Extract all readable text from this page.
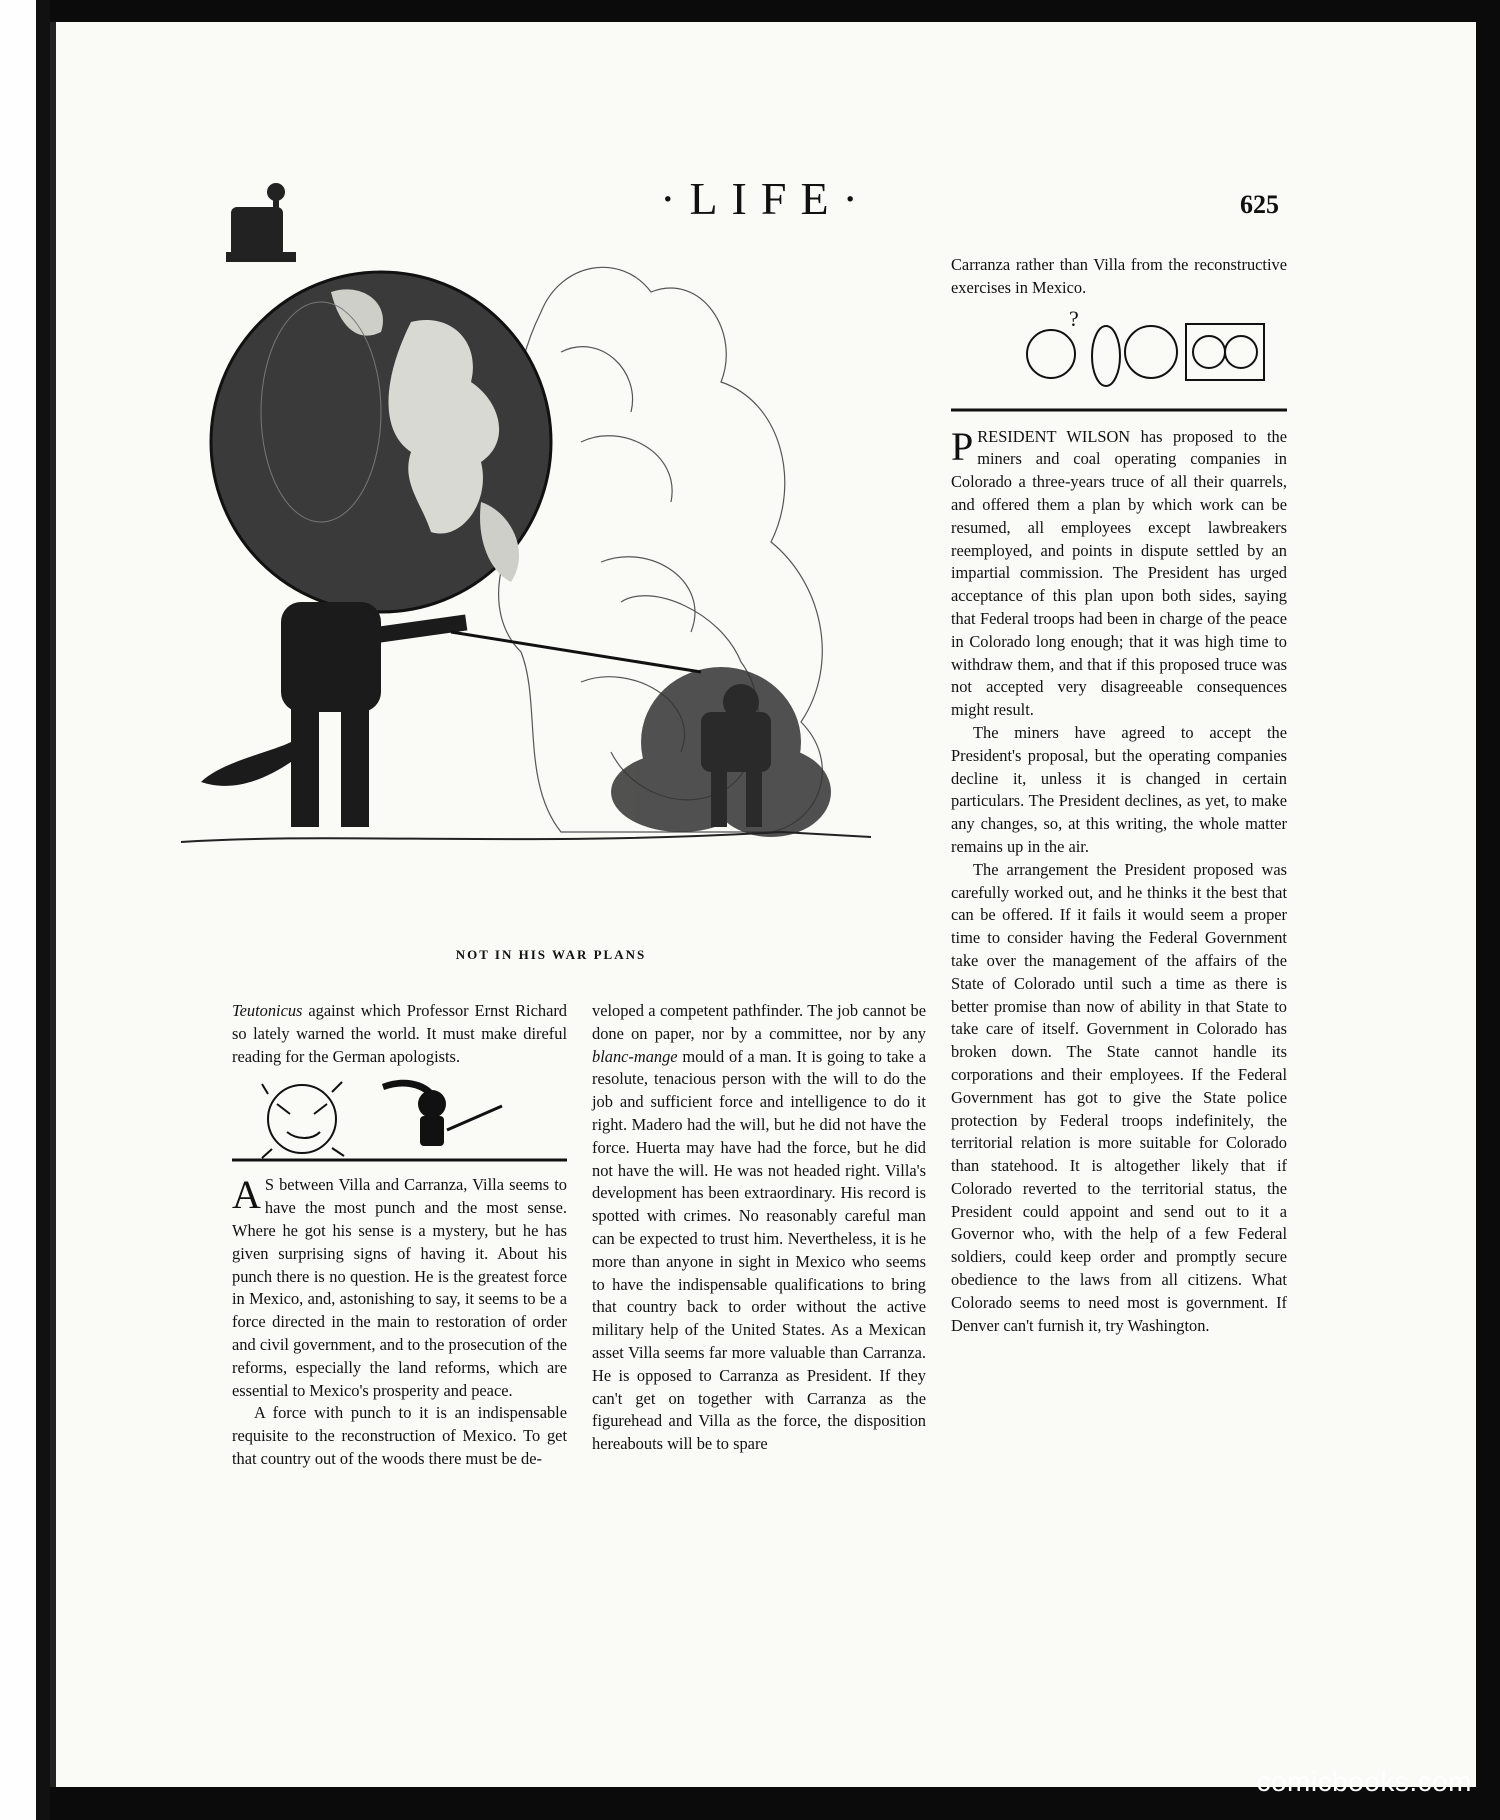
·LIFE·	625
NOT IN HIS WAR PLANS

Teutonicus against which Professor Ernst Richard so lately warned the world. It must make direful reading for the German apologists.

A S between Villa and Carranza, Villa seems to have the most punch and the most sense. Where he got his sense is a mystery, but he has given surprising signs of having it. About his punch there is no question. He is the greatest force in Mexico, and, astonishing to say, it seems to be a force directed in the main to restoration of order and civil government, and to the prosecution of the reforms, especially the land reforms, which are essential to Mexico's prosperity and peace.

A force with punch to it is an indispensable requisite to the reconstruction of Mexico. To get that country out of the woods there must be de-

veloped a competent pathfinder. The job cannot be done on paper, nor by a committee, nor by any blanc-mange mould of a man. It is going to take a resolute, tenacious person with the will to do the job and sufficient force and intelligence to do it right. Madero had the will, but he did not have the force. Huerta may have had the force, but he did not have the will. He was not headed right. Villa's development has been extraordinary. His record is spotted with crimes. No reasonably careful man can be expected to trust him. Nevertheless, it is he more than anyone in sight in Mexico who seems to have the indispensable qualifications to bring that country back to order without the active military help of the United States. As a Mexican asset Villa seems far more valuable than Carranza. He is opposed to Carranza as President. If they can't get on together with Carranza as the figurehead and Villa as the force, the disposition hereabouts will be to spare

Carranza rather than Villa from the reconstructive exercises in Mexico.

?

PRESIDENT WILSON has proposed to the miners and coal operating companies in Colorado a three-years truce of all their quarrels, and offered them a plan by which work can be resumed, all employees except lawbreakers reemployed, and points in dispute settled by an impartial commission. The President has urged acceptance of this plan upon both sides, saying that Federal troops had been in charge of the peace in Colorado long enough; that it was high time to withdraw them, and that if this proposed truce was not accepted very disagreeable consequences might result.

The miners have agreed to accept the President's proposal, but the operating companies decline it, unless it is changed in certain particulars. The President declines, as yet, to make any changes, so, at this writing, the whole matter remains up in the air.

The arrangement the President proposed was carefully worked out, and he thinks it the best that can be offered. If it fails it would seem a proper time to consider having the Federal Government take over the management of the affairs of the State of Colorado until such a time as there is better promise than now of ability in that State to take care of itself. Government in Colorado has broken down. The State cannot handle its corporations and their employees. If the Federal Government has got to give the State police protection by Federal troops indefinitely, the territorial relation is more suitable for Colorado than statehood. It is altogether likely that if Colorado reverted to the territorial status, the President could appoint and send out to it a Governor who, with the help of a few Federal soldiers, could keep order and promptly secure obedience to the laws from all citizens. What Colorado seems to need most is government. If Denver can't furnish it, try Washington.

comicbooks.com
